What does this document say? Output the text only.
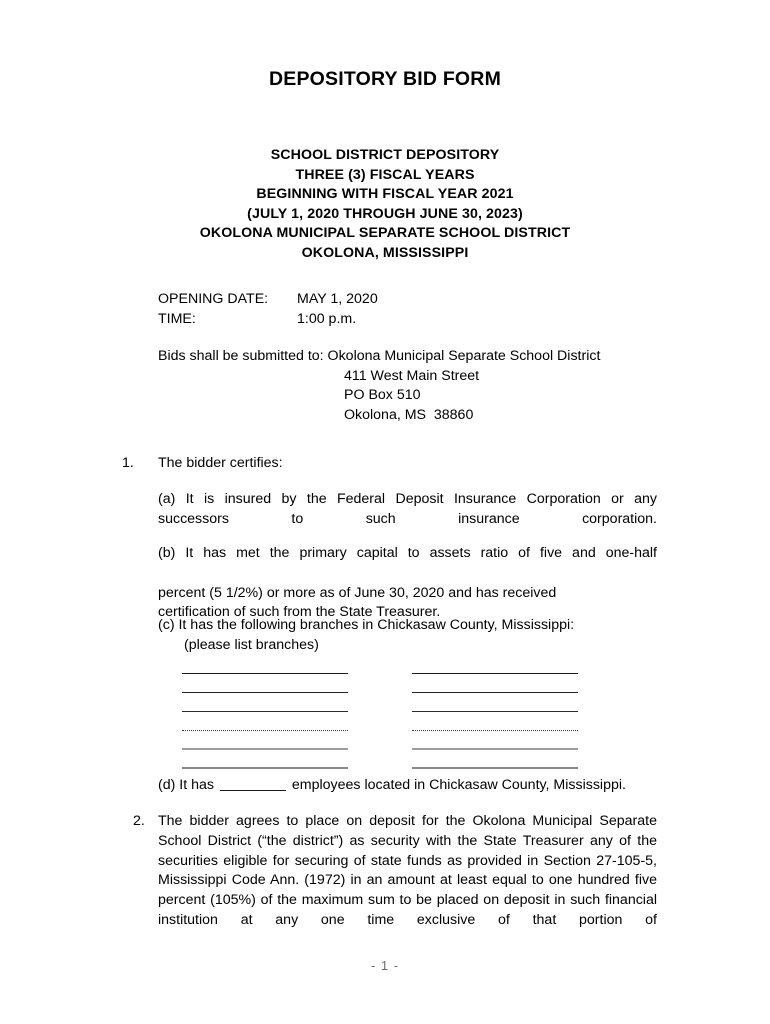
DEPOSITORY BID FORM
SCHOOL DISTRICT DEPOSITORY
THREE (3) FISCAL YEARS
BEGINNING WITH FISCAL YEAR 2021
(JULY 1, 2020 THROUGH JUNE 30, 2023)
OKOLONA MUNICIPAL SEPARATE SCHOOL DISTRICT
OKOLONA, MISSISSIPPI
OPENING DATE:	MAY 1, 2020
TIME:	1:00 p.m.
Bids shall be submitted to: Okolona Municipal Separate School District
411 West Main Street
PO Box 510
Okolona, MS  38860
1.	The bidder certifies:
(a) It is insured by the Federal Deposit Insurance Corporation or any successors to such insurance corporation.
(b) It has met the primary capital to assets ratio of five and one-half
percent (5 1/2%) or more as of June 30, 2020 and has received
certification of such from the State Treasurer.
(c) It has the following branches in Chickasaw County, Mississippi:
(please list branches)
(d) It has	employees located in Chickasaw County, Mississippi.
2. The bidder agrees to place on deposit for the Okolona Municipal Separate School District (“the district”) as security with the State Treasurer any of the securities eligible for securing of state funds as provided in Section 27-105-5, Mississippi Code Ann. (1972) in an amount at least equal to one hundred five percent (105%) of the maximum sum to be placed on deposit in such financial institution at any one time exclusive of that portion of
- 1 -
